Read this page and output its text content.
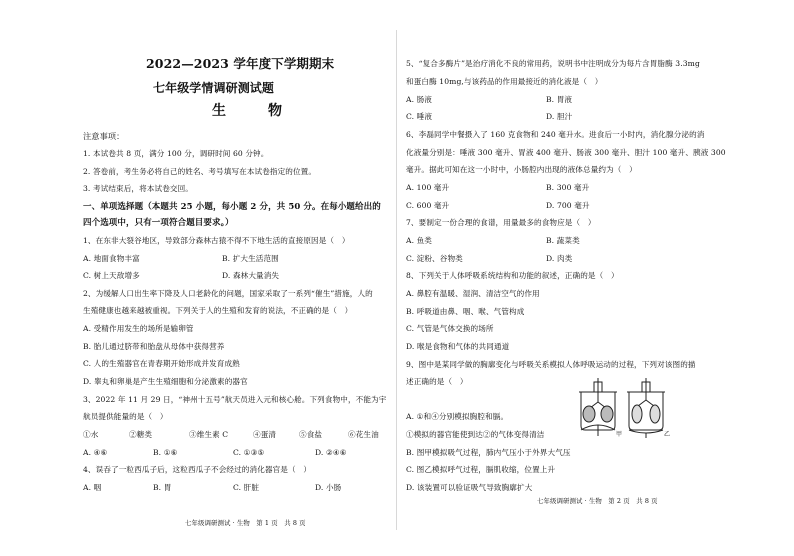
2022—2023 学年度下学期期末
七年级学情调研测试题
生　物
注意事项：
1. 本试卷共 8 页，满分 100 分，调研时间 60 分钟。
2. 答卷前，考生务必将自己的姓名、考号填写在本试卷指定的位置。
3. 考试结束后，将本试卷交回。
一、单项选择题（本题共 25 小题，每小题 2 分，共 50 分。在每小题给出的
四个选项中，只有一项符合题目要求。）
1、在东非大裂谷地区，导致部分森林古猿不得不下地生活的直接原因是（　）
A. 地面食物丰富	B. 扩大生活范围
C. 树上天敌增多	D. 森林大量消失
2、为缓解人口出生率下降及人口老龄化的问题，国家采取了一系列“催生”措施，人的
生殖健康也越来越被重视。下列关于人的生殖和发育的说法，不正确的是（　）
A. 受精作用发生的场所是输卵管
B. 胎儿通过脐带和胎盘从母体中获得营养
C. 人的生殖器官在青春期开始形成并发育成熟
D. 睾丸和卵巢是产生生殖细胞和分泌激素的器官
3、2022 年 11 月 29 日，“神州十五号”航天员进入元和核心舱。下列食物中，不能为宇
航员提供能量的是（　）
①水	②糖类	③维生素 C	④蛋清	⑤食盐	⑥花生油
A. ④⑥	B. ①⑥	C. ①③⑤	D. ②④⑥
4、误吞了一粒西瓜子后，这粒西瓜子不会经过的消化器官是（　）
A. 咽	B. 胃	C. 肝脏	D. 小肠
七年级调研测试 · 生物　第 1 页　共 8 页
5、“复合多酶片”是治疗消化不良的常用药，说明书中注明成分为每片含胃脂酶 3.3mg
和蛋白酶 10mg,与该药品的作用最接近的消化液是（　）
A. 肠液	B. 胃液
C. 唾液	D. 胆汁
6、李磊同学中餐摄入了 160 克食物和 240 毫升水。进食后一小时内，消化腺分泌的消
化液量分别是：唾液 300 毫升、胃液 400 毫升、肠液 300 毫升、胆汁 100 毫升、胰液 300
毫升。据此可知在这一小时中，小肠腔内出现的液体总量约为（　）
A. 100 毫升	B. 300 毫升
C. 600 毫升	D. 700 毫升
7、要制定一份合理的食谱，用量最多的食物应是（　）
A. 鱼类	B. 蔬菜类
C. 淀粉、谷物类	D. 肉类
8、下列关于人体呼吸系统结构和功能的叙述，正确的是（　）
A. 鼻腔有温暖、湿润、清洁空气的作用
B. 呼吸道由鼻、咽、喉、气管构成
C. 气管是气体交换的场所
D. 喉是食物和气体的共同通道
9、图中是某同学做的胸廓变化与呼吸关系模拟人体呼吸运动的过程，下列对该图的描
述正确的是（　）
甲	乙
A. ①和④分别模拟胸腔和膈。
①模拟的器官能使到达②的气体变得清洁
B. 图甲模拟吸气过程，肺内气压小于外界大气压
C. 图乙模拟呼气过程，膈肌收缩，位置上升
D. 该装置可以验证吸气导致胸廓扩大
七年级调研测试 · 生物　第 2 页　共 8 页
